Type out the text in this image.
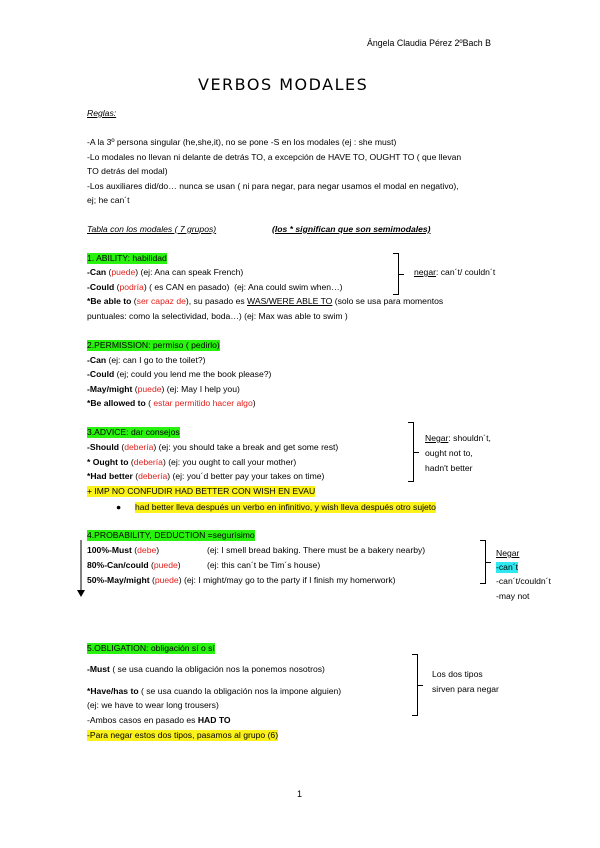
Ángela Claudia Pérez 2ºBach B
VERBOS MODALES
Reglas:
-A la 3º persona singular (he,she,it), no se pone -S en los modales (ej : she must)
-Lo modales no llevan ni delante de detrás TO, a excepción de HAVE TO, OUGHT TO ( que llevan
TO detrás del modal)
-Los auxiliares did/do… nunca se usan ( ni para negar, para negar usamos el modal en negativo),
ej; he can´t
Tabla con los modales ( 7 grupos)	(los * significan que son semimodales)
1. ABILITY: habilidad
-Can (puede) (ej: Ana can speak French)
-Could (podría) ( es CAN en pasado) (ej: Ana could swim when…)
*Be able to (ser capaz de), su pasado es WAS/WERE ABLE TO (solo se usa para momentos
puntuales: como la selectividad, boda…) (ej: Max was able to swim )
negar: can´t/ couldn´t
2.PERMISSION: permiso ( pedirlo)
-Can (ej: can I go to the toilet?)
-Could (ej; could you lend me the book please?)
-May/might (puede) (ej: May I help you)
*Be allowed to ( estar permitido hacer algo)
3.ADVICE: dar consejos
-Should (debería) (ej: you should take a break and get some rest)
* Ought to (debería) (ej: you ought to call your mother)
*Had better (debería) (ej: you´d better pay your takes on time)
+ IMP NO CONFUDIR HAD BETTER CON WISH EN EVAU
● had better lleva después un verbo en infinitivo, y wish lleva después otro sujeto
Negar: shouldn´t,
ought not to,
hadn't better
4.PROBABILITY, DEDUCTION =segurísimo
100%-Must (debe)	(ej: I smell bread baking. There must be a bakery nearby)
80%-Can/could (puede)	(ej: this can´t be Tim´s house)
50%-May/might (puede) (ej: I might/may go to the party if I finish my homerwork)
Negar
-can´t
-can´t/couldn´t
-may not
5.OBLIGATION: obligación sí o sí
-Must ( se usa cuando la obligación nos la ponemos nosotros)
*Have/has to ( se usa cuando la obligación nos la impone alguien)
(ej: we have to wear long trousers)
-Ambos casos en pasado es HAD TO
-Para negar estos dos tipos, pasamos al grupo (6)
Los dos tipos
sirven para negar
1
